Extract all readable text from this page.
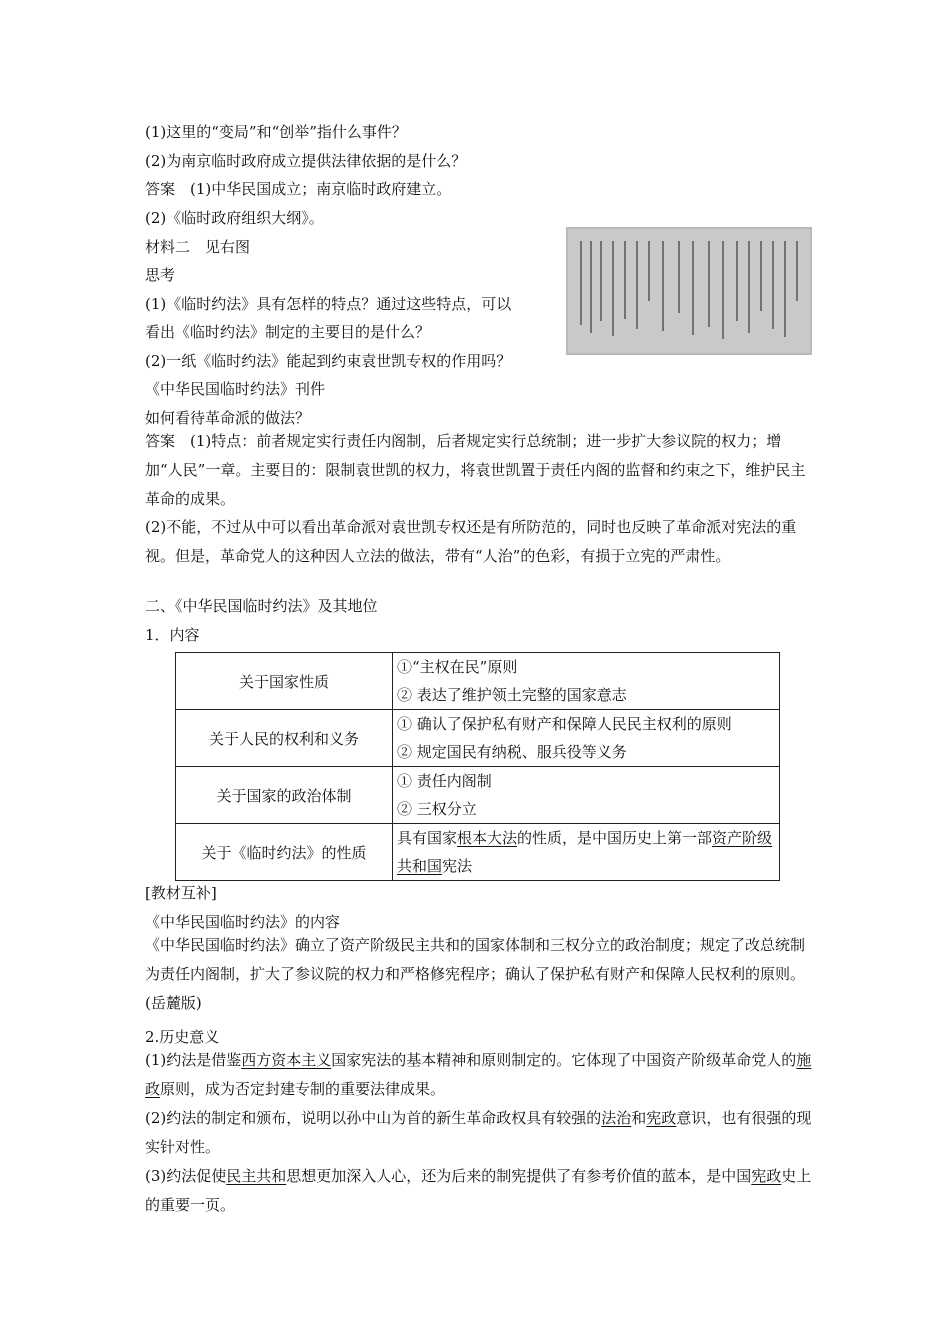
(1)这里的“变局”和“创举”指什么事件？
(2)为南京临时政府成立提供法律依据的是什么？
答案　(1)中华民国成立；南京临时政府建立。
(2)《临时政府组织大纲》。
材料二　见右图
思考
(1)《临时约法》具有怎样的特点？通过这些特点，可以
看出《临时约法》制定的主要目的是什么？
(2)一纸《临时约法》能起到约束袁世凯专权的作用吗？
《中华民国临时约法》刊件
如何看待革命派的做法？
答案　(1)特点：前者规定实行责任内阁制，后者规定实行总统制；进一步扩大参议院的权力；增加“人民”一章。主要目的：限制袁世凯的权力，将袁世凯置于责任内阁的监督和约束之下，维护民主革命的成果。
(2)不能，不过从中可以看出革命派对袁世凯专权还是有所防范的，同时也反映了革命派对宪法的重视。但是，革命党人的这种因人立法的做法，带有“人治”的色彩，有损于立宪的严肃性。
二、《中华民国临时约法》及其地位
1．内容
关于国家性质	①“主权在民”原则
② 表达了维护领土完整的国家意志
关于人民的权利和义务	① 确认了保护私有财产和保障人民民主权利的原则
② 规定国民有纳税、服兵役等义务
关于国家的政治体制	① 责任内阁制
② 三权分立
关于《临时约法》的性质	具有国家根本大法的性质，是中国历史上第一部资产阶级共和国宪法
[教材互补]
《中华民国临时约法》的内容
《中华民国临时约法》确立了资产阶级民主共和的国家体制和三权分立的政治制度；规定了改总统制为责任内阁制，扩大了参议院的权力和严格修宪程序；确认了保护私有财产和保障人民权利的原则。(岳麓版)
2.历史意义
(1)约法是借鉴西方资本主义国家宪法的基本精神和原则制定的。它体现了中国资产阶级革命党人的施政原则，成为否定封建专制的重要法律成果。
(2)约法的制定和颁布，说明以孙中山为首的新生革命政权具有较强的法治和宪政意识，也有很强的现实针对性。
(3)约法促使民主共和思想更加深入人心，还为后来的制宪提供了有参考价值的蓝本，是中国宪政史上的重要一页。
